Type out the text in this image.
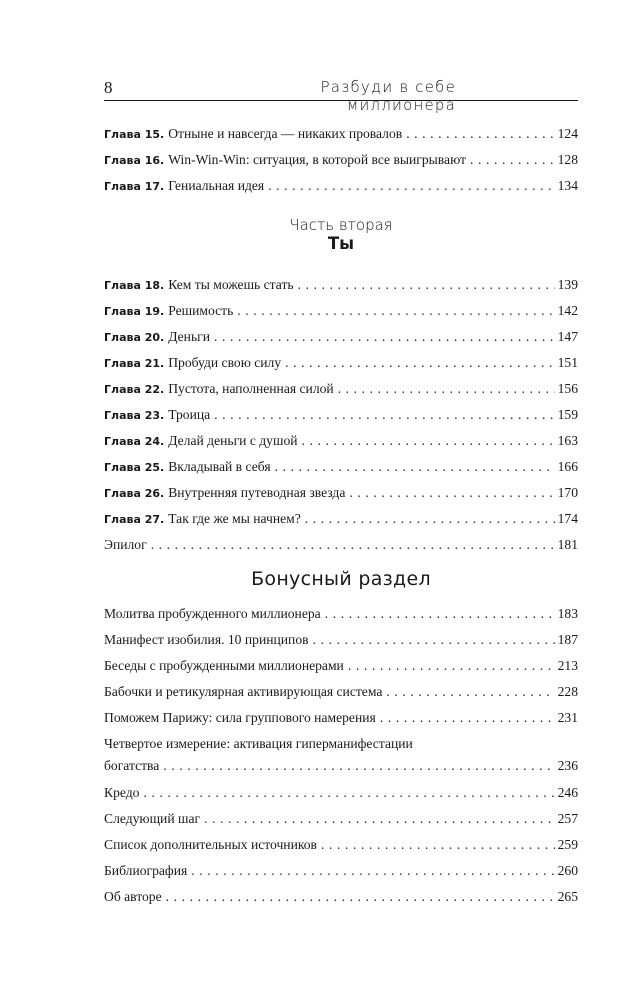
8	Разбуди в себе миллионера
Глава 15. Отныне и навсегда — никаких провалов . . .	124
Глава 16. Win-Win-Win: ситуация, в которой все выигрывают . . .	128
Глава 17. Гениальная идея . . .	134
Часть вторая
Ты
Глава 18. Кем ты можешь стать . . .	139
Глава 19. Решимость . . .	142
Глава 20. Деньги . . .	147
Глава 21. Пробуди свою силу . . .	151
Глава 22. Пустота, наполненная силой . . .	156
Глава 23. Троица . . .	159
Глава 24. Делай деньги с душой . . .	163
Глава 25. Вкладывай в себя . . .	166
Глава 26. Внутренняя путеводная звезда . . .	170
Глава 27. Так где же мы начнем? . . .	174
Эпилог . . .	181
Бонусный раздел
Молитва пробужденного миллионера . . .	183
Манифест изобилия. 10 принципов . . .	187
Беседы с пробужденными миллионерами . . .	213
Бабочки и ретикулярная активирующая система . . .	228
Поможем Парижу: сила группового намерения . . .	231
Четвертое измерение: активация гиперманифестации
богатства . . .	236
Кредо . . .	246
Следующий шаг . . .	257
Список дополнительных источников . . .	259
Библиография . . .	260
Об авторе . . .	265
